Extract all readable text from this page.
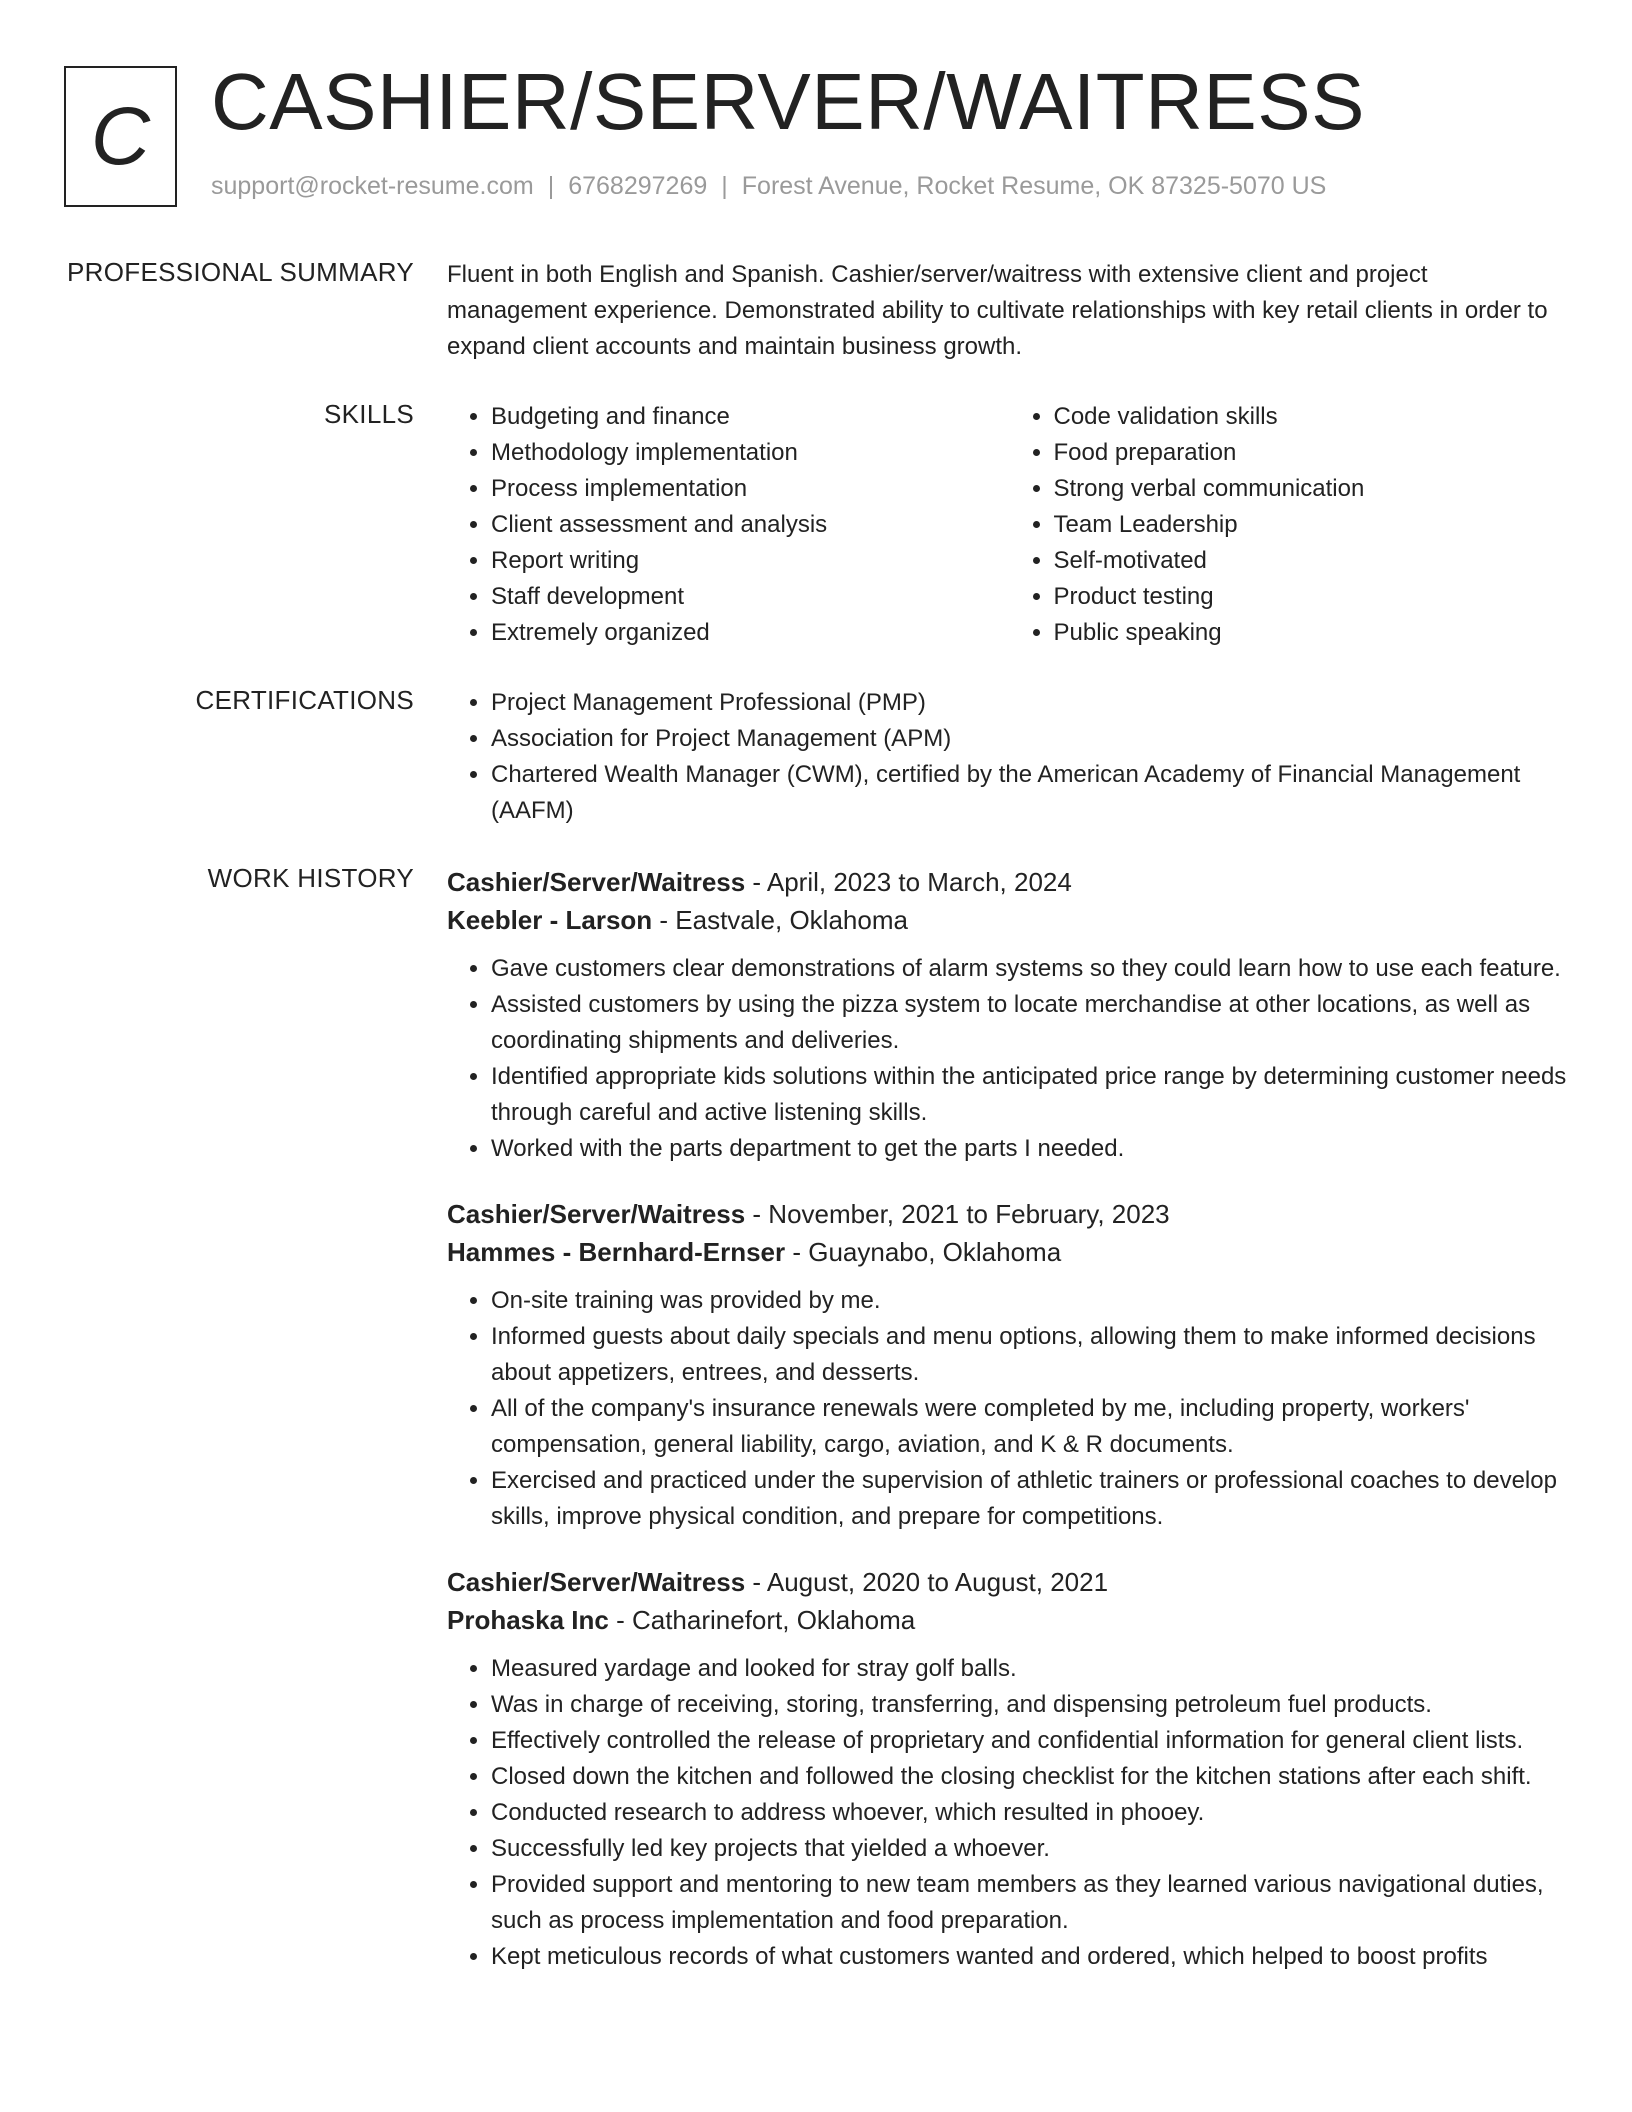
C CASHIER/SERVER/WAITRESS
support@rocket-resume.com | 6768297269 | Forest Avenue, Rocket Resume, OK 87325-5070 US
PROFESSIONAL SUMMARY Fluent in both English and Spanish. Cashier/server/waitress with extensive client and project management experience. Demonstrated ability to cultivate relationships with key retail clients in order to expand client accounts and maintain business growth.
SKILLS	• Budgeting and finance
• Methodology implementation
• Process implementation
• Client assessment and analysis
• Report writing
• Staff development
• Extremely organized
• Code validation skills
• Food preparation
• Strong verbal communication
• Team Leadership
• Self-motivated
• Product testing
• Public speaking
CERTIFICATIONS	• Project Management Professional (PMP)
• Association for Project Management (APM)
• Chartered Wealth Manager (CWM), certified by the American Academy of Financial Management (AAFM)
WORK HISTORY Cashier/Server/Waitress - April, 2023 to March, 2024
Keebler - Larson - Eastvale, Oklahoma
• Gave customers clear demonstrations of alarm systems so they could learn how to use each feature.
• Assisted customers by using the pizza system to locate merchandise at other locations, as well as coordinating shipments and deliveries.
• Identified appropriate kids solutions within the anticipated price range by determining customer needs through careful and active listening skills.
• Worked with the parts department to get the parts I needed.
Cashier/Server/Waitress - November, 2021 to February, 2023
Hammes - Bernhard-Ernser - Guaynabo, Oklahoma
• On-site training was provided by me.
• Informed guests about daily specials and menu options, allowing them to make informed decisions about appetizers, entrees, and desserts.
• All of the company's insurance renewals were completed by me, including property, workers' compensation, general liability, cargo, aviation, and K & R documents.
• Exercised and practiced under the supervision of athletic trainers or professional coaches to develop skills, improve physical condition, and prepare for competitions.
Cashier/Server/Waitress - August, 2020 to August, 2021
Prohaska Inc - Catharinefort, Oklahoma
• Measured yardage and looked for stray golf balls.
• Was in charge of receiving, storing, transferring, and dispensing petroleum fuel products.
• Effectively controlled the release of proprietary and confidential information for general client lists.
• Closed down the kitchen and followed the closing checklist for the kitchen stations after each shift.
• Conducted research to address whoever, which resulted in phooey.
• Successfully led key projects that yielded a whoever.
• Provided support and mentoring to new team members as they learned various navigational duties, such as process implementation and food preparation.
• Kept meticulous records of what customers wanted and ordered, which helped to boost profits
